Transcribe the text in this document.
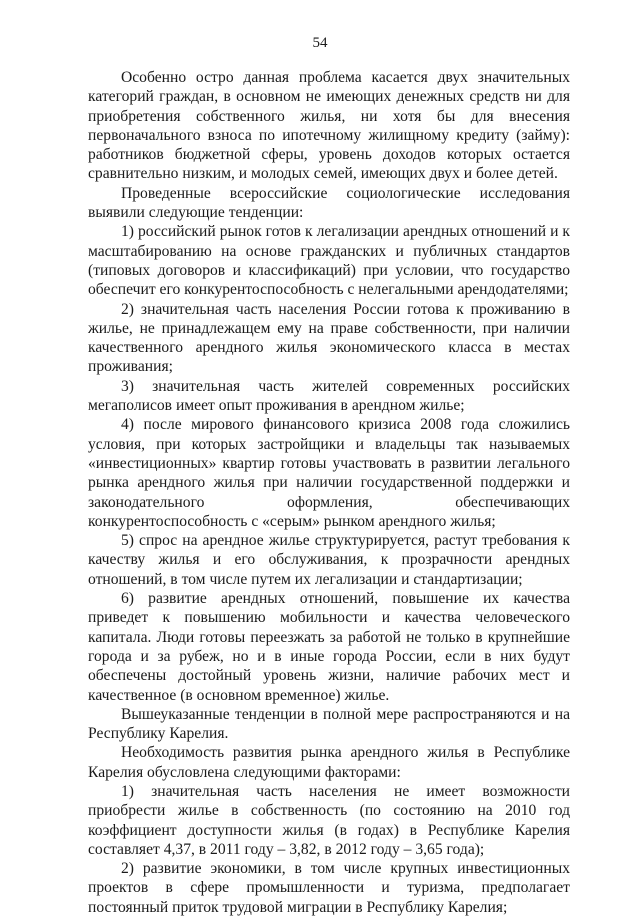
54

Особенно остро данная проблема касается двух значительных категорий граждан, в основном не имеющих денежных средств ни для приобретения собственного жилья, ни хотя бы для внесения первоначального взноса по ипотечному жилищному кредиту (займу): работников бюджетной сферы, уровень доходов которых остается сравнительно низким, и молодых семей, имеющих двух и более детей.

Проведенные всероссийские социологические исследования выявили следующие тенденции:

1) российский рынок готов к легализации арендных отношений и к масштабированию на основе гражданских и публичных стандартов (типовых договоров и классификаций) при условии, что государство обеспечит его конкурентоспособность с нелегальными арендодателями;

2) значительная часть населения России готова к проживанию в жилье, не принадлежащем ему на праве собственности, при наличии качественного арендного жилья экономического класса в местах проживания;

3) значительная часть жителей современных российских мегаполисов имеет опыт проживания в арендном жилье;

4) после мирового финансового кризиса 2008 года сложились условия, при которых застройщики и владельцы так называемых «инвестиционных» квартир готовы участвовать в развитии легального рынка арендного жилья при наличии государственной поддержки и законодательного оформления, обеспечивающих конкурентоспособность с «серым» рынком арендного жилья;

5) спрос на арендное жилье структурируется, растут требования к качеству жилья и его обслуживания, к прозрачности арендных отношений, в том числе путем их легализации и стандартизации;

6) развитие арендных отношений, повышение их качества приведет к повышению мобильности и качества человеческого капитала. Люди готовы переезжать за работой не только в крупнейшие города и за рубеж, но и в иные города России, если в них будут обеспечены достойный уровень жизни, наличие рабочих мест и качественное (в основном временное) жилье.

Вышеуказанные тенденции в полной мере распространяются и на Республику Карелия.

Необходимость развития рынка арендного жилья в Республике Карелия обусловлена следующими факторами:

1) значительная часть населения не имеет возможности приобрести жилье в собственность (по состоянию на 2010 год коэффициент доступности жилья (в годах) в Республике Карелия составляет 4,37, в 2011 году – 3,82, в 2012 году – 3,65 года);

2) развитие экономики, в том числе крупных инвестиционных проектов в сфере промышленности и туризма, предполагает постоянный приток трудовой миграции в Республику Карелия;
